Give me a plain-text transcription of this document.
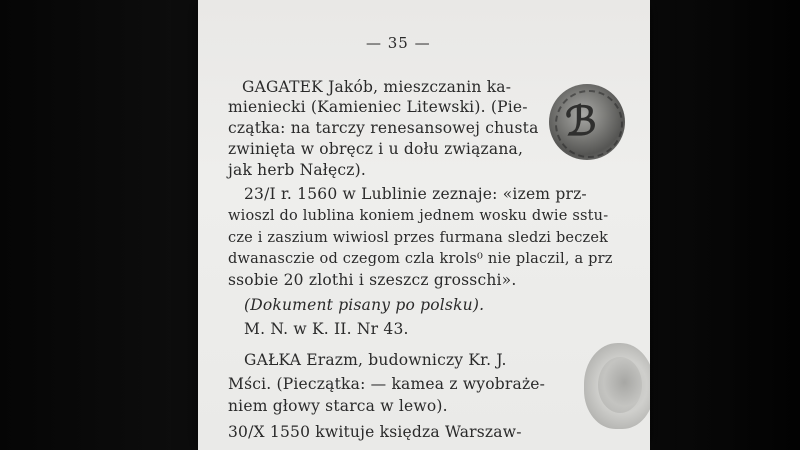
— 35 —
GAGATEK Jakób, mieszczanin ka-
mieniecki (Kamieniec Litewski). (Pie-
czątka: na tarczy renesansowej chusta
zwinięta w obręcz i u dołu związana,
jak herb Nałęcz).
23/I r. 1560 w Lublinie zeznaje: «izem prz-
wioszl do lublina koniem jednem wosku dwie sstu-
cze i zaszium wiwiosl przes furmana sledzi beczek
dwanasczie od czegom czla krols⁰ nie placzil, a prz
ssobie 20 zlothi i szeszcz grosschi».
(Dokument pisany po polsku).
M. N. w K. II. Nr 43.
GAŁKA Erazm, budowniczy Kr. J.
Mści. (Pieczątka: — kamea z wyobraże-
niem głowy starca w lewo).
30/X 1550 kwituje księdza Warszaw-
ℬ
